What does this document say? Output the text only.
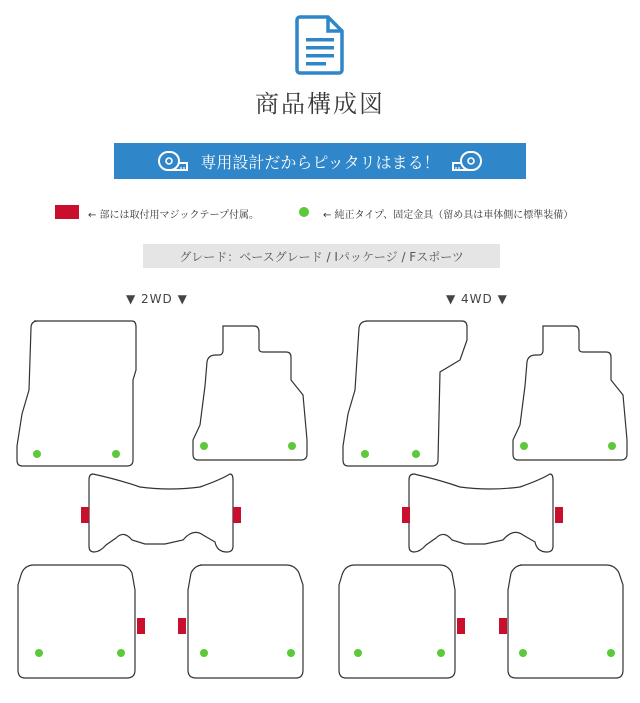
商品構成図
専用設計だからピッタリはまる！
← 部には取付用マジックテープ付属。	← 純正タイプ、固定金具（留め具は車体側に標準装備）
グレード：ベースグレード / Iパッケージ / Fスポーツ
▼ 2WD ▼	▼ 4WD ▼
